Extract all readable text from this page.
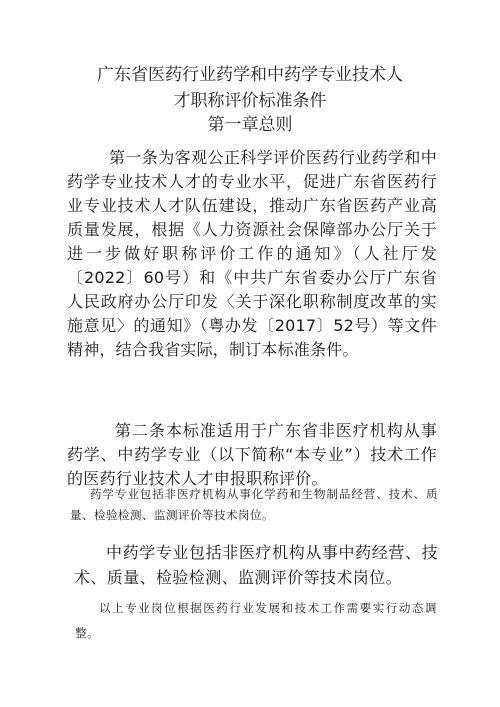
广东省医药行业药学和中药学专业技术人
才职称评价标准条件
第一章总则

第一条为客观公正科学评价医药行业药学和中药学专业技术人才的专业水平，促进广东省医药行业专业技术人才队伍建设，推动广东省医药产业高质量发展，根据《人力资源社会保障部办公厅关于进一步做好职称评价工作的通知》（人社厅发〔2022〕60号）和《中共广东省委办公厅广东省人民政府办公厅印发〈关于深化职称制度改革的实施意见〉的通知》（粤办发〔2017〕52号）等文件精神，结合我省实际，制订本标准条件。

第二条本标准适用于广东省非医疗机构从事药学、中药学专业（以下简称“本专业”）技术工作的医药行业技术人才申报职称评价。

药学专业包括非医疗机构从事化学药和生物制品经营、技术、质量、检验检测、监测评价等技术岗位。

中药学专业包括非医疗机构从事中药经营、技术、质量、检验检测、监测评价等技术岗位。

以上专业岗位根据医药行业发展和技术工作需要实行动态调整。
